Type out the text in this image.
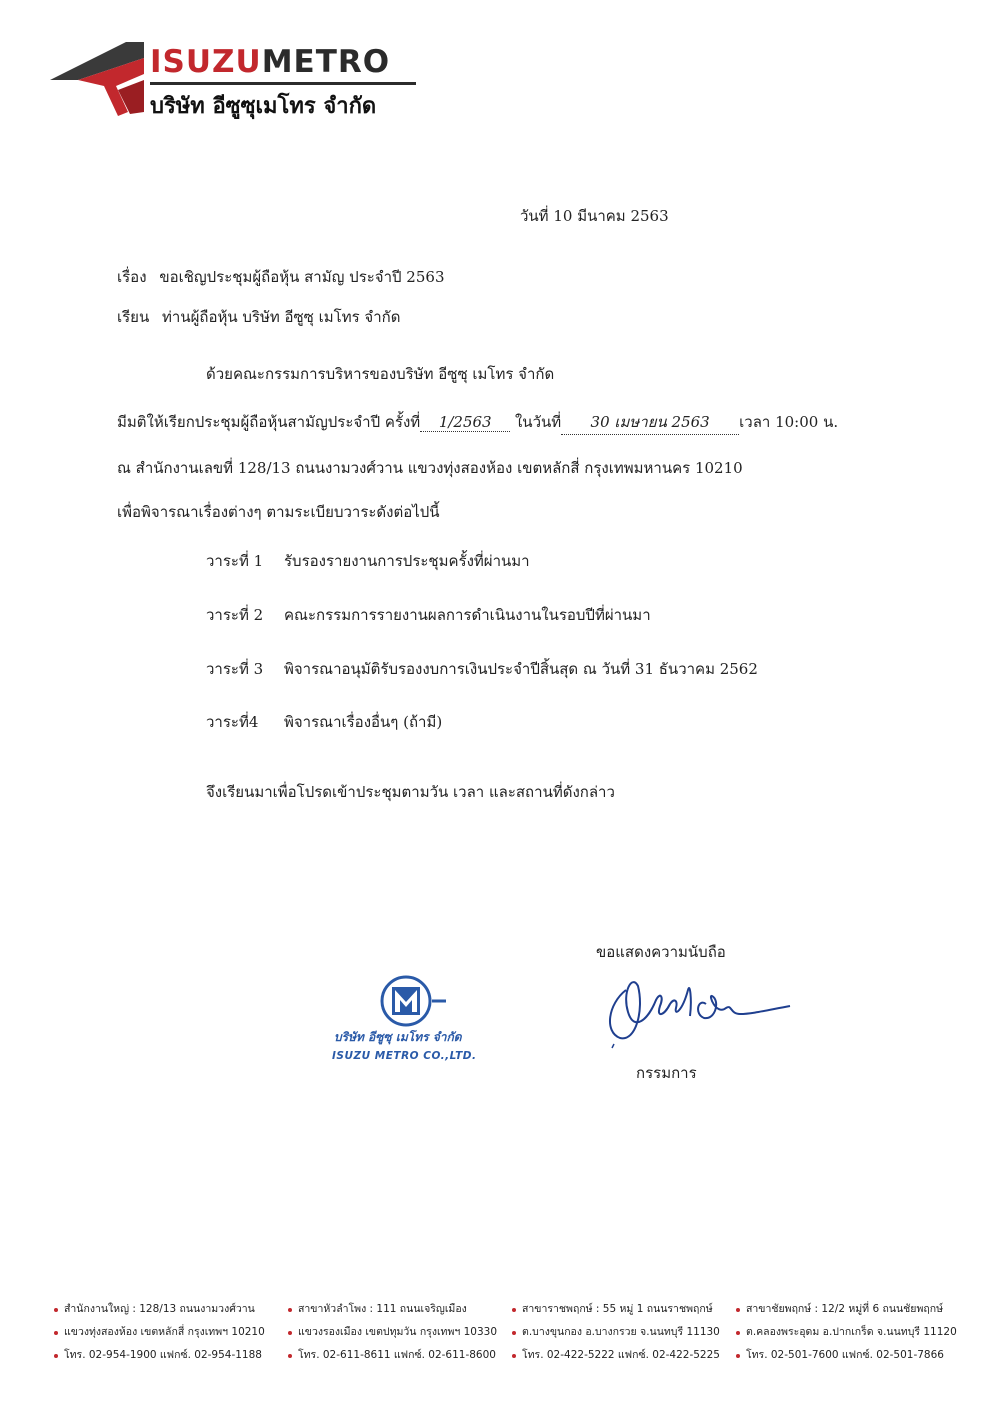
ISUZUMETRO
บริษัท อีซูซุเมโทร จำกัด
วันที่ 10 มีนาคม 2563
เรื่อง ขอเชิญประชุมผู้ถือหุ้น สามัญ ประจำปี 2563
เรียน ท่านผู้ถือหุ้น บริษัท อีซูซุ เมโทร จำกัด
ด้วยคณะกรรมการบริหารของบริษัท อีซูซุ เมโทร จำกัด
มีมติให้เรียกประชุมผู้ถือหุ้นสามัญประจำปี ครั้งที่ 1/2563 ในวันที่ 30 เมษายน 2563 เวลา 10:00 น.
ณ สำนักงานเลขที่ 128/13 ถนนงามวงศ์วาน แขวงทุ่งสองห้อง เขตหลักสี่ กรุงเทพมหานคร 10210
เพื่อพิจารณาเรื่องต่างๆ ตามระเบียบวาระดังต่อไปนี้
วาระที่ 1 รับรองรายงานการประชุมครั้งที่ผ่านมา
วาระที่ 2 คณะกรรมการรายงานผลการดำเนินงานในรอบปีที่ผ่านมา
วาระที่ 3 พิจารณาอนุมัติรับรองงบการเงินประจำปีสิ้นสุด ณ วันที่ 31 ธันวาคม 2562
วาระที่4 พิจารณาเรื่องอื่นๆ (ถ้ามี)
จึงเรียนมาเพื่อโปรดเข้าประชุมตามวัน เวลา และสถานที่ดังกล่าว
ขอแสดงความนับถือ
กรรมการ
บริษัท อีซูซุ เมโทร จำกัด
ISUZU METRO CO.,LTD.
สำนักงานใหญ่ : 128/13 ถนนงามวงศ์วาน
แขวงทุ่งสองห้อง เขตหลักสี่ กรุงเทพฯ 10210
โทร. 02-954-1900 แฟกซ์. 02-954-1188
สาขาหัวลำโพง : 111 ถนนเจริญเมือง
แขวงรองเมือง เขตปทุมวัน กรุงเทพฯ 10330
โทร. 02-611-8611 แฟกซ์. 02-611-8600
สาขาราชพฤกษ์ : 55 หมู่ 1 ถนนราชพฤกษ์
ต.บางขุนกอง อ.บางกรวย จ.นนทบุรี 11130
โทร. 02-422-5222 แฟกซ์. 02-422-5225
สาขาชัยพฤกษ์ : 12/2 หมู่ที่ 6 ถนนชัยพฤกษ์
ต.คลองพระอุดม อ.ปากเกร็ด จ.นนทบุรี 11120
โทร. 02-501-7600 แฟกซ์. 02-501-7866
